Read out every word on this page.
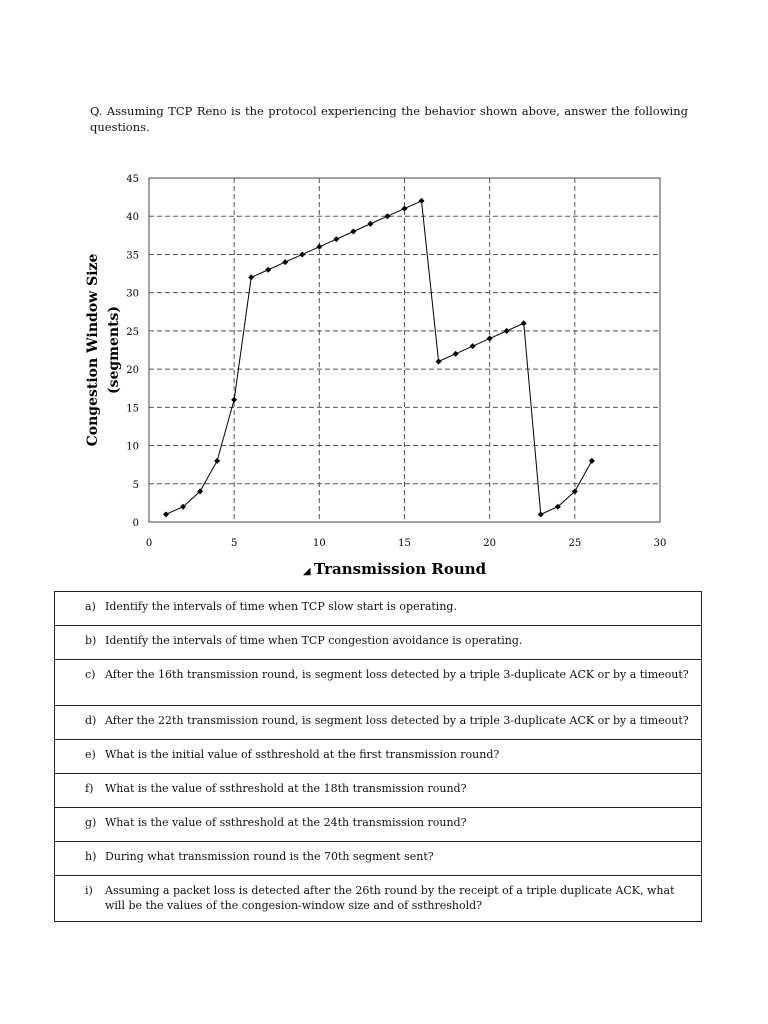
Q. Assuming TCP Reno is the protocol experiencing the behavior shown above, answer the following questions.
0
5
10
15
20
25
30
35
40
45
0	5	10	15	20	25	30
Congestion Window Size (segments)
◢ Transmission Round
a) Identify the intervals of time when TCP slow start is operating.

b) Identify the intervals of time when TCP congestion avoidance is operating.

c) After the 16th transmission round, is segment loss detected by a triple 3-duplicate ACK or by a timeout?

d) After the 22th transmission round, is segment loss detected by a triple 3-duplicate ACK or by a timeout?

e) What is the initial value of ssthreshold at the first transmission round?

f)	What is the value of ssthreshold at the 18th transmission round?

g) What is the value of ssthreshold at the 24th transmission round?

h) During what transmission round is the 70th segment sent?

i)	Assuming a packet loss is detected after the 26th round by the receipt of a triple duplicate ACK, what will be the values of the congesion-window size and of ssthreshold?
